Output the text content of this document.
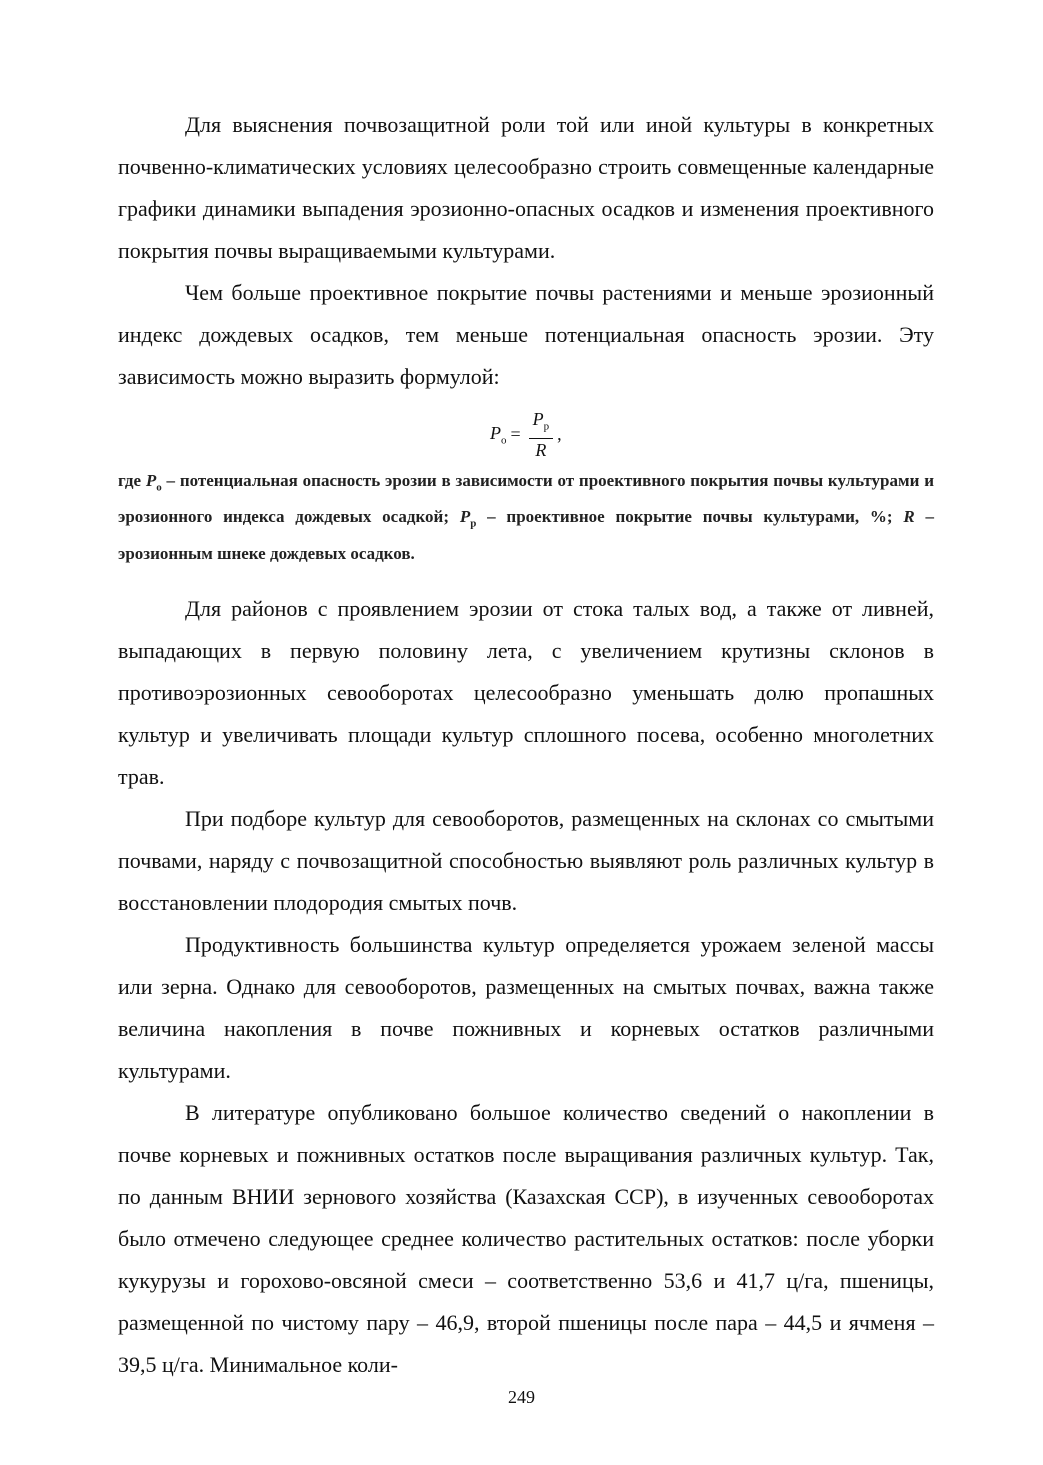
Для выяснения почвозащитной роли той или иной культуры в конкретных почвенно-климатических условиях целесообразно строить совмещенные календарные графики динамики выпадения эрозионно-опасных осадков и изменения проективного покрытия почвы выращиваемыми культурами.

Чем больше проективное покрытие почвы растениями и меньше эрозионный индекс дождевых осадков, тем меньше потенциальная опасность эрозии. Эту зависимость можно выразить формулой:

$P_o = \frac{P_p}{R}$ ,

где $P_o$ – потенциальная опасность эрозии в зависимости от проективного покрытия почвы культурами и эрозионного индекса дождевых осадкой; $P_p$ – проективное покрытие почвы культурами, %; R – эрозионным шнеке дождевых осадков.

Для районов с проявлением эрозии от стока талых вод, а также от ливней, выпадающих в первую половину лета, с увеличением крутизны склонов в противоэрозионных севооборотах целесообразно уменьшать долю пропашных культур и увеличивать площади культур сплошного посева, особенно многолетних трав.

При подборе культур для севооборотов, размещенных на склонах со смытыми почвами, наряду с почвозащитной способностью выявляют роль различных культур в восстановлении плодородия смытых почв.

Продуктивность большинства культур определяется урожаем зеленой массы или зерна. Однако для севооборотов, размещенных на смытых почвах, важна также величина накопления в почве пожнивных и корневых остатков различными культурами.

В литературе опубликовано большое количество сведений о накоплении в почве корневых и пожнивных остатков после выращивания различных культур. Так, по данным ВНИИ зернового хозяйства (Казахская ССР), в изученных севооборотах было отмечено следующее среднее количество растительных остатков: после уборки кукурузы и горохово-овсяной смеси – соответственно 53,6 и 41,7 ц/га, пшеницы, размещенной по чистому пару – 46,9, второй пшеницы после пара – 44,5 и ячменя – 39,5 ц/га. Минимальное коли-

249
